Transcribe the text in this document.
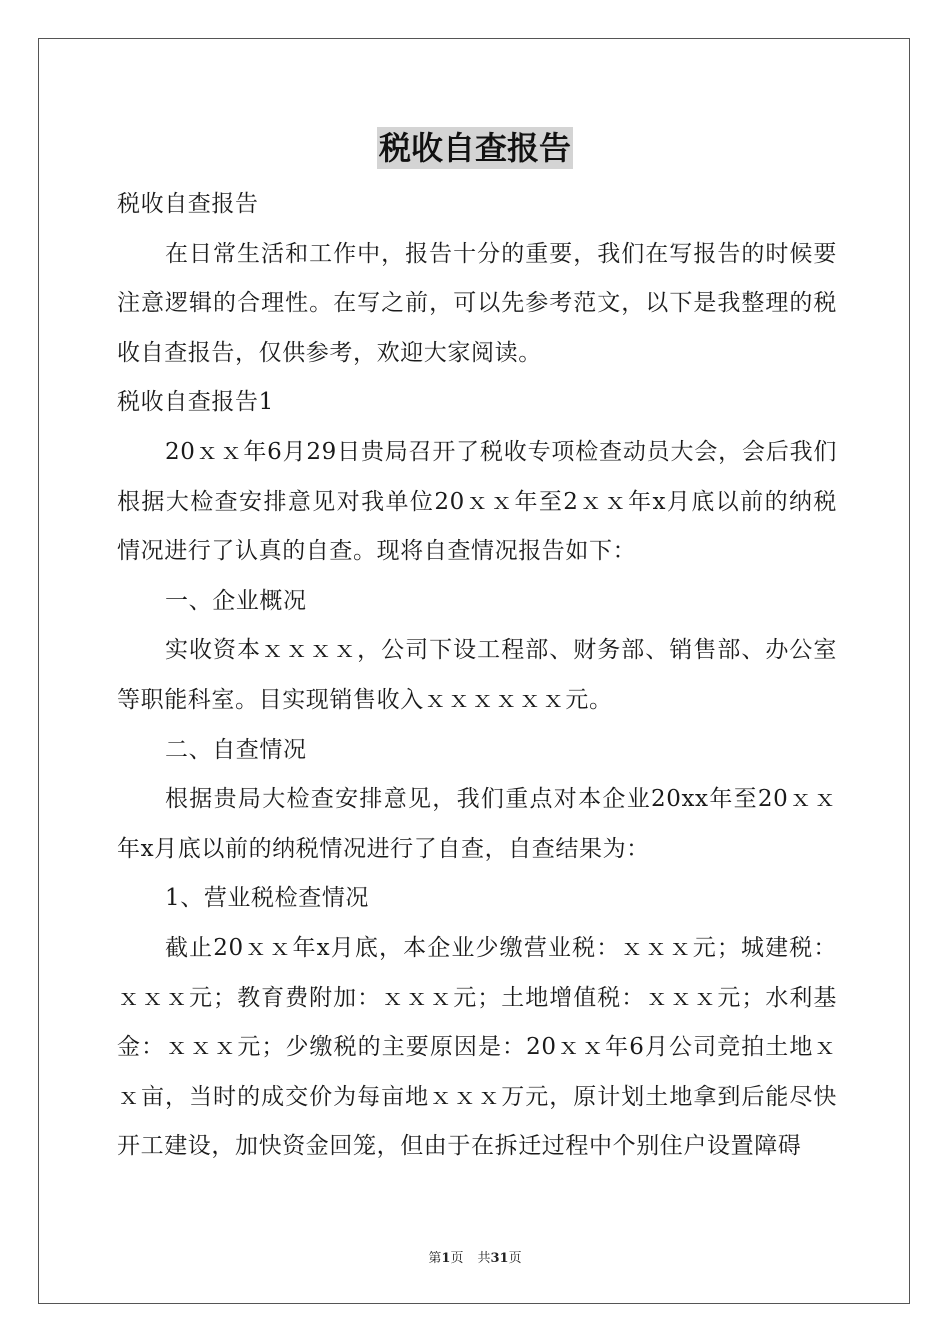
税收自查报告

税收自查报告

在日常生活和工作中，报告十分的重要，我们在写报告的时候要注意逻辑的合理性。在写之前，可以先参考范文，以下是我整理的税收自查报告，仅供参考，欢迎大家阅读。

税收自查报告1

20ｘｘ年6月29日贵局召开了税收专项检查动员大会，会后我们根据大检查安排意见对我单位20ｘｘ年至2ｘｘ年x月底以前的纳税情况进行了认真的自查。现将自查情况报告如下：

一、企业概况

实收资本ｘｘｘｘ，公司下设工程部、财务部、销售部、办公室等职能科室。目实现销售收入ｘｘｘｘｘｘ元。

二、自查情况

根据贵局大检查安排意见，我们重点对本企业20xx年至20ｘｘ年x月底以前的纳税情况进行了自查，自查结果为：

1、营业税检查情况

截止20ｘｘ年x月底，本企业少缴营业税：ｘｘｘ元；城建税：ｘｘｘ元；教育费附加：ｘｘｘ元；土地增值税：ｘｘｘ元；水利基金：ｘｘｘ元；少缴税的主要原因是：20ｘｘ年6月公司竞拍土地ｘｘ亩，当时的成交价为每亩地ｘｘｘ万元，原计划土地拿到后能尽快开工建设，加快资金回笼，但由于在拆迁过程中个别住户设置障碍

第1页 共31页
